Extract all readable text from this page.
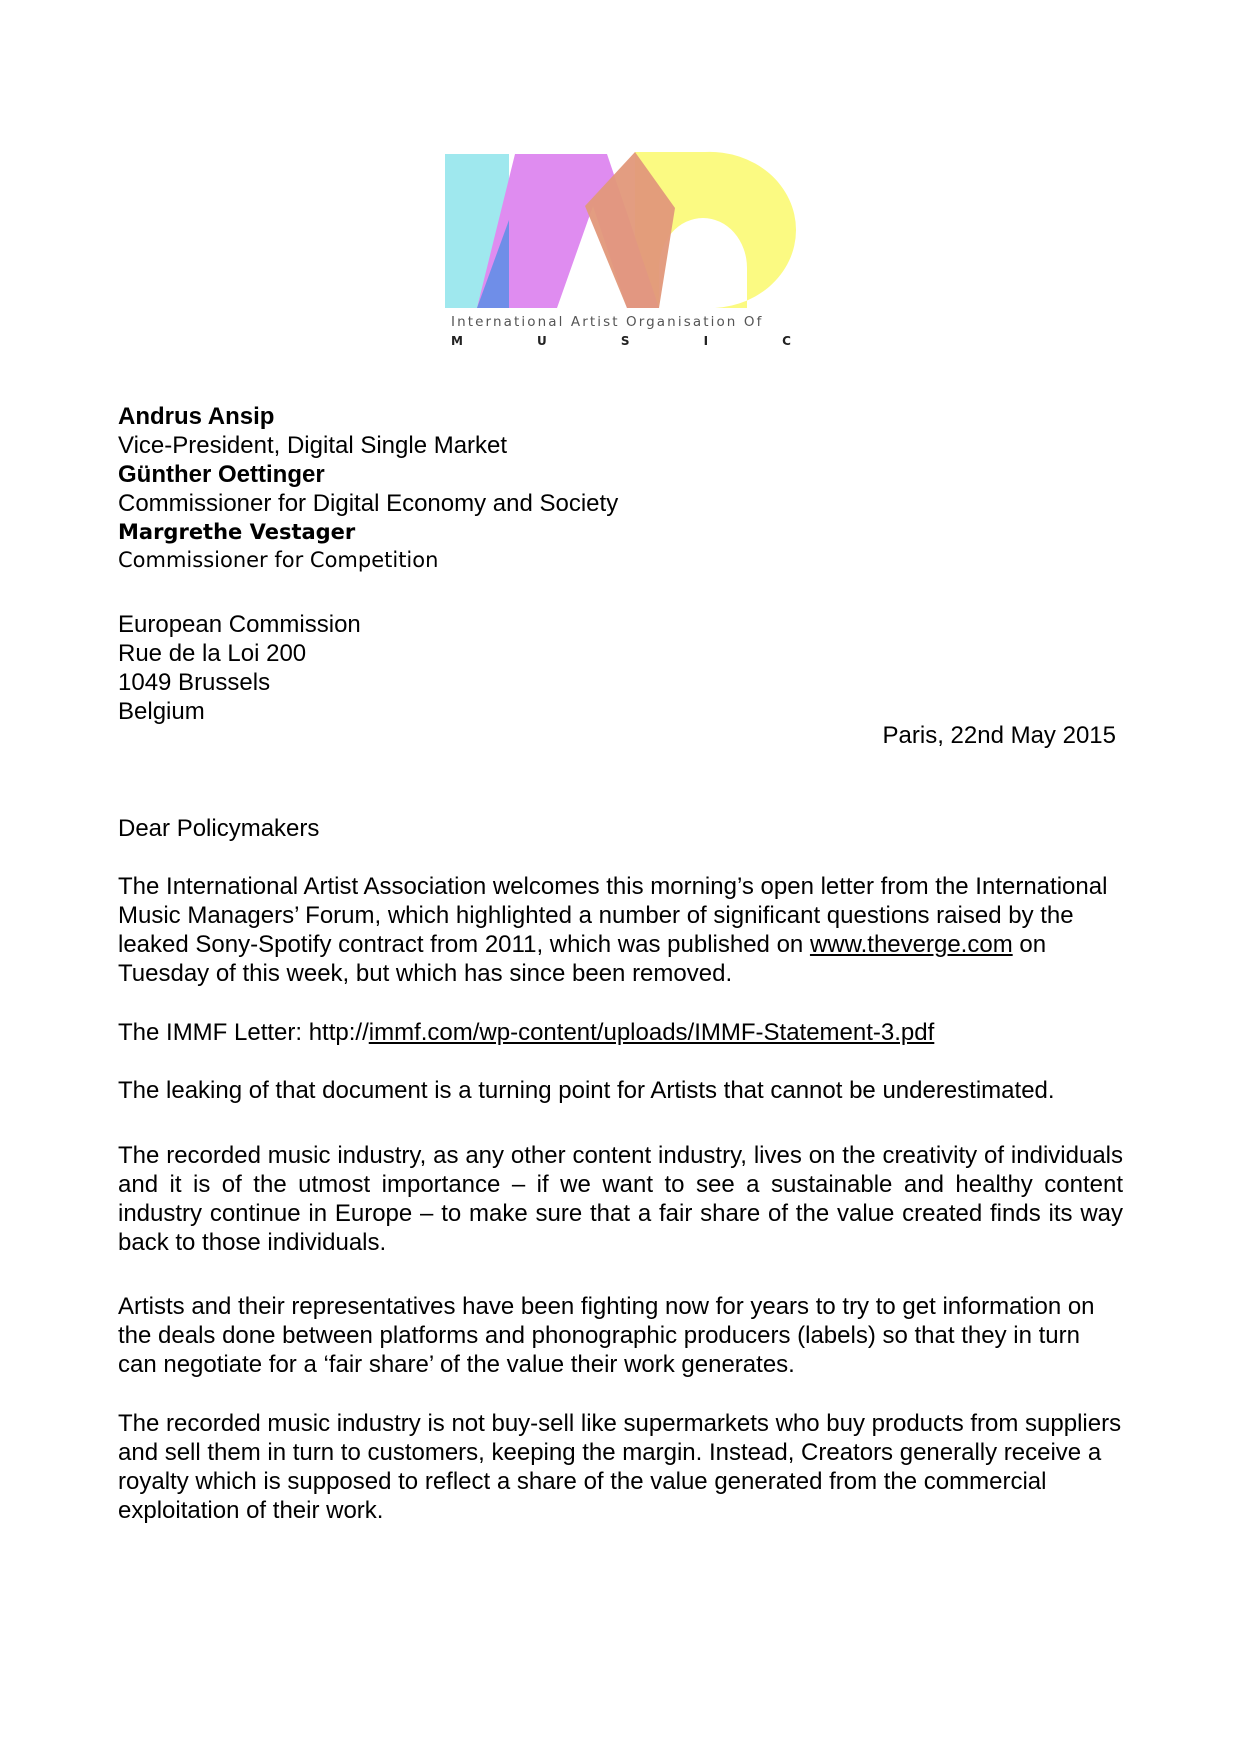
International Artist Organisation Of
M	U	S	I	C
Andrus Ansip
Vice-President, Digital Single Market
Günther Oettinger
Commissioner for Digital Economy and Society
Margrethe Vestager
Commissioner for Competition
European Commission
Rue de la Loi 200
1049 Brussels
Belgium
Paris, 22nd May 2015
Dear Policymakers
The International Artist Association welcomes this morning’s open letter from the International Music Managers’ Forum, which highlighted a number of significant questions raised by the leaked Sony-Spotify contract from 2011, which was published on www.theverge.com on Tuesday of this week, but which has since been removed.
The IMMF Letter: http://immf.com/wp-content/uploads/IMMF-Statement-3.pdf
The leaking of that document is a turning point for Artists that cannot be underestimated.
The recorded music industry, as any other content industry, lives on the creativity of individuals and it is of the utmost importance – if we want to see a sustainable and healthy content industry continue in Europe – to make sure that a fair share of the value created finds its way back to those individuals.
Artists and their representatives have been fighting now for years to try to get information on the deals done between platforms and phonographic producers (labels) so that they in turn can negotiate for a ‘fair share’ of the value their work generates.
The recorded music industry is not buy-sell like supermarkets who buy products from suppliers and sell them in turn to customers, keeping the margin. Instead, Creators generally receive a royalty which is supposed to reflect a share of the value generated from the commercial exploitation of their work.
